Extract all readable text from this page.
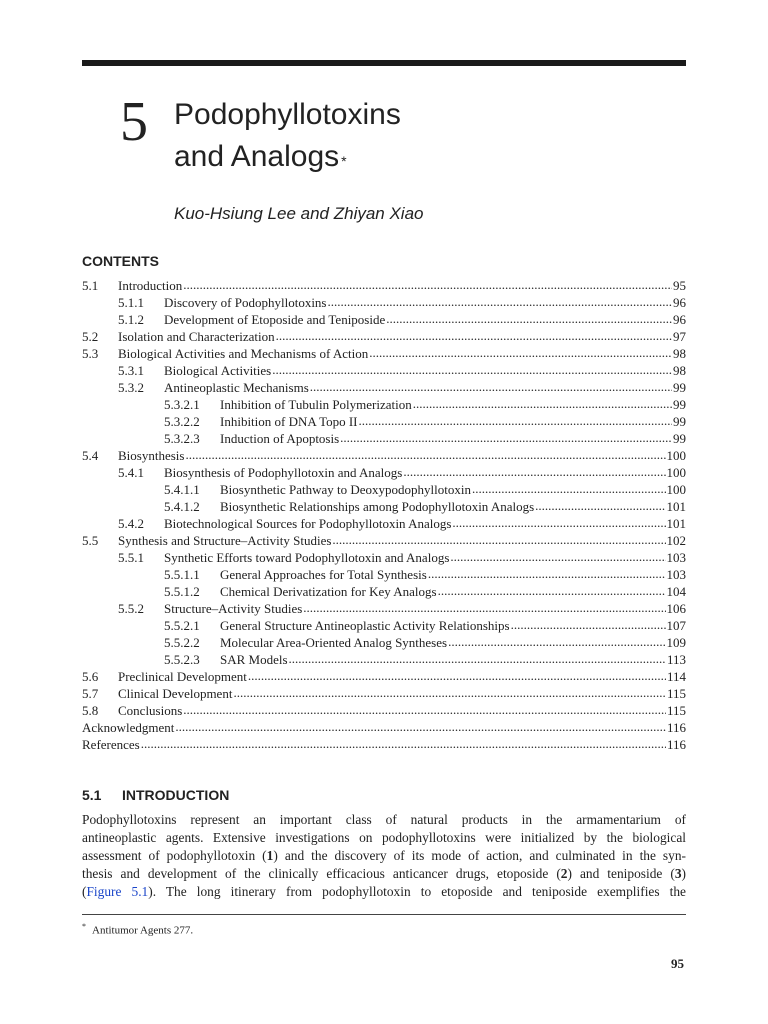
5 Podophyllotoxins
and Analogs *
Kuo-Hsiung Lee and Zhiyan Xiao
CONTENTS
5.1	Introduction .....	95
5.1.1	Discovery of Podophyllotoxins .....	96
5.1.2	Development of Etoposide and Teniposide .....	96
5.2	Isolation and Characterization .....	97
5.3	Biological Activities and Mechanisms of Action .....	98
5.3.1	Biological Activities .....	98
5.3.2	Antineoplastic Mechanisms .....	99
5.3.2.1	Inhibition of Tubulin Polymerization .....	99
5.3.2.2	Inhibition of DNA Topo II .....	99
5.3.2.3	Induction of Apoptosis .....	99
5.4	Biosynthesis .....	100
5.4.1	Biosynthesis of Podophyllotoxin and Analogs .....	100
5.4.1.1	Biosynthetic Pathway to Deoxypodophyllotoxin .....	100
5.4.1.2	Biosynthetic Relationships among Podophyllotoxin Analogs .....	101
5.4.2	Biotechnological Sources for Podophyllotoxin Analogs .....	101
5.5	Synthesis and Structure–Activity Studies .....	102
5.5.1	Synthetic Efforts toward Podophyllotoxin and Analogs .....	103
5.5.1.1	General Approaches for Total Synthesis .....	103
5.5.1.2	Chemical Derivatization for Key Analogs .....	104
5.5.2	Structure–Activity Studies .....	106
5.5.2.1	General Structure Antineoplastic Activity Relationships .....	107
5.5.2.2	Molecular Area-Oriented Analog Syntheses .....	109
5.5.2.3	SAR Models .....	113
5.6	Preclinical Development .....	114
5.7	Clinical Development .....	115
5.8	Conclusions .....	115
Acknowledgment .....	116
References .....	116
5.1 INTRODUCTION
Podophyllotoxins represent an important class of natural products in the armamentarium of
antineoplastic agents. Extensive investigations on podophyllotoxins were initialized by the biological
assessment of podophyllotoxin (1) and the discovery of its mode of action, and culminated in the syn-
thesis and development of the clinically efficacious anticancer drugs, etoposide (2) and teniposide (3)
(Figure 5.1). The long itinerary from podophyllotoxin to etoposide and teniposide exemplifies the
* Antitumor Agents 277.
95
